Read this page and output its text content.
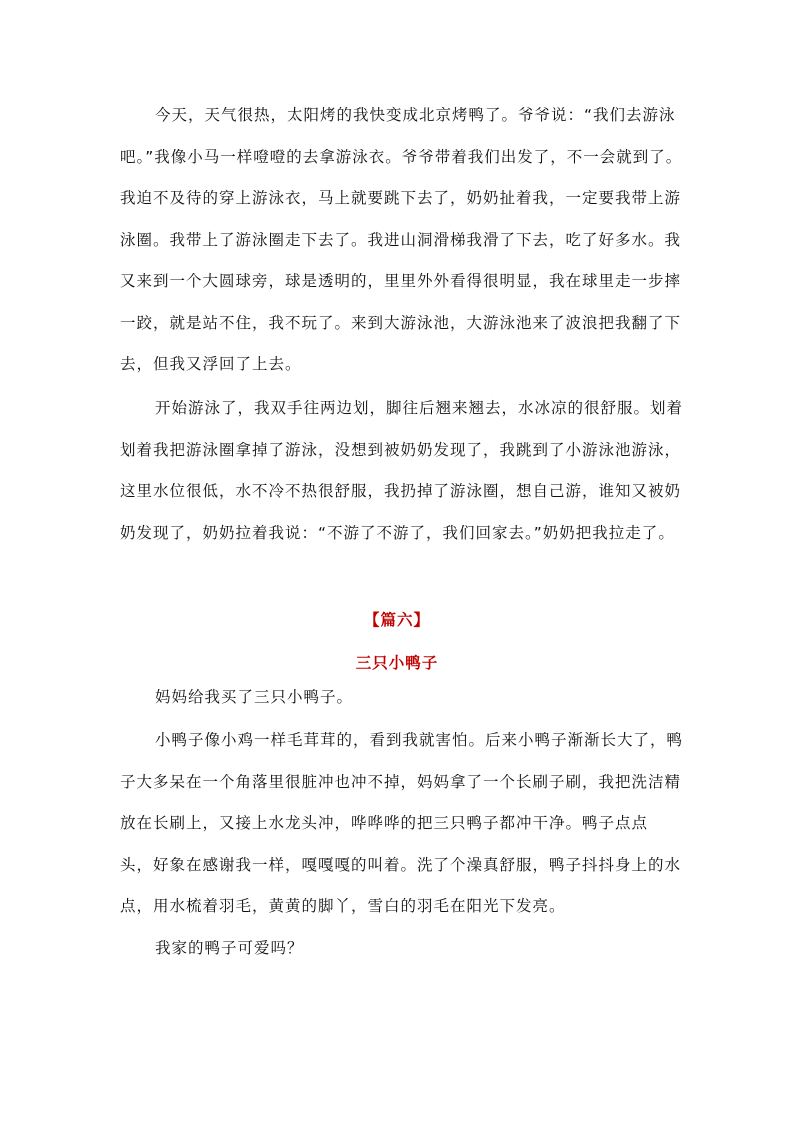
今天，天气很热，太阳烤的我快变成北京烤鸭了。爷爷说：“我们去游泳
吧。”我像小马一样噔噔的去拿游泳衣。爷爷带着我们出发了，不一会就到了。
我迫不及待的穿上游泳衣，马上就要跳下去了，奶奶扯着我，一定要我带上游
泳圈。我带上了游泳圈走下去了。我进山洞滑梯我滑了下去，吃了好多水。我
又来到一个大圆球旁，球是透明的，里里外外看得很明显，我在球里走一步摔
一跤，就是站不住，我不玩了。来到大游泳池，大游泳池来了波浪把我翻了下
去，但我又浮回了上去。
开始游泳了，我双手往两边划，脚往后翘来翘去，水冰凉的很舒服。划着
划着我把游泳圈拿掉了游泳，没想到被奶奶发现了，我跳到了小游泳池游泳，
这里水位很低，水不冷不热很舒服，我扔掉了游泳圈，想自己游，谁知又被奶
奶发现了，奶奶拉着我说：“不游了不游了，我们回家去。”奶奶把我拉走了。
【篇六】
三只小鸭子
妈妈给我买了三只小鸭子。
小鸭子像小鸡一样毛茸茸的，看到我就害怕。后来小鸭子渐渐长大了，鸭
子大多呆在一个角落里很脏冲也冲不掉，妈妈拿了一个长刷子刷，我把洗洁精
放在长刷上，又接上水龙头冲，哗哗哗的把三只鸭子都冲干净。鸭子点点
头，好象在感谢我一样，嘎嘎嘎的叫着。洗了个澡真舒服，鸭子抖抖身上的水
点，用水梳着羽毛，黄黄的脚丫，雪白的羽毛在阳光下发亮。
我家的鸭子可爱吗？
